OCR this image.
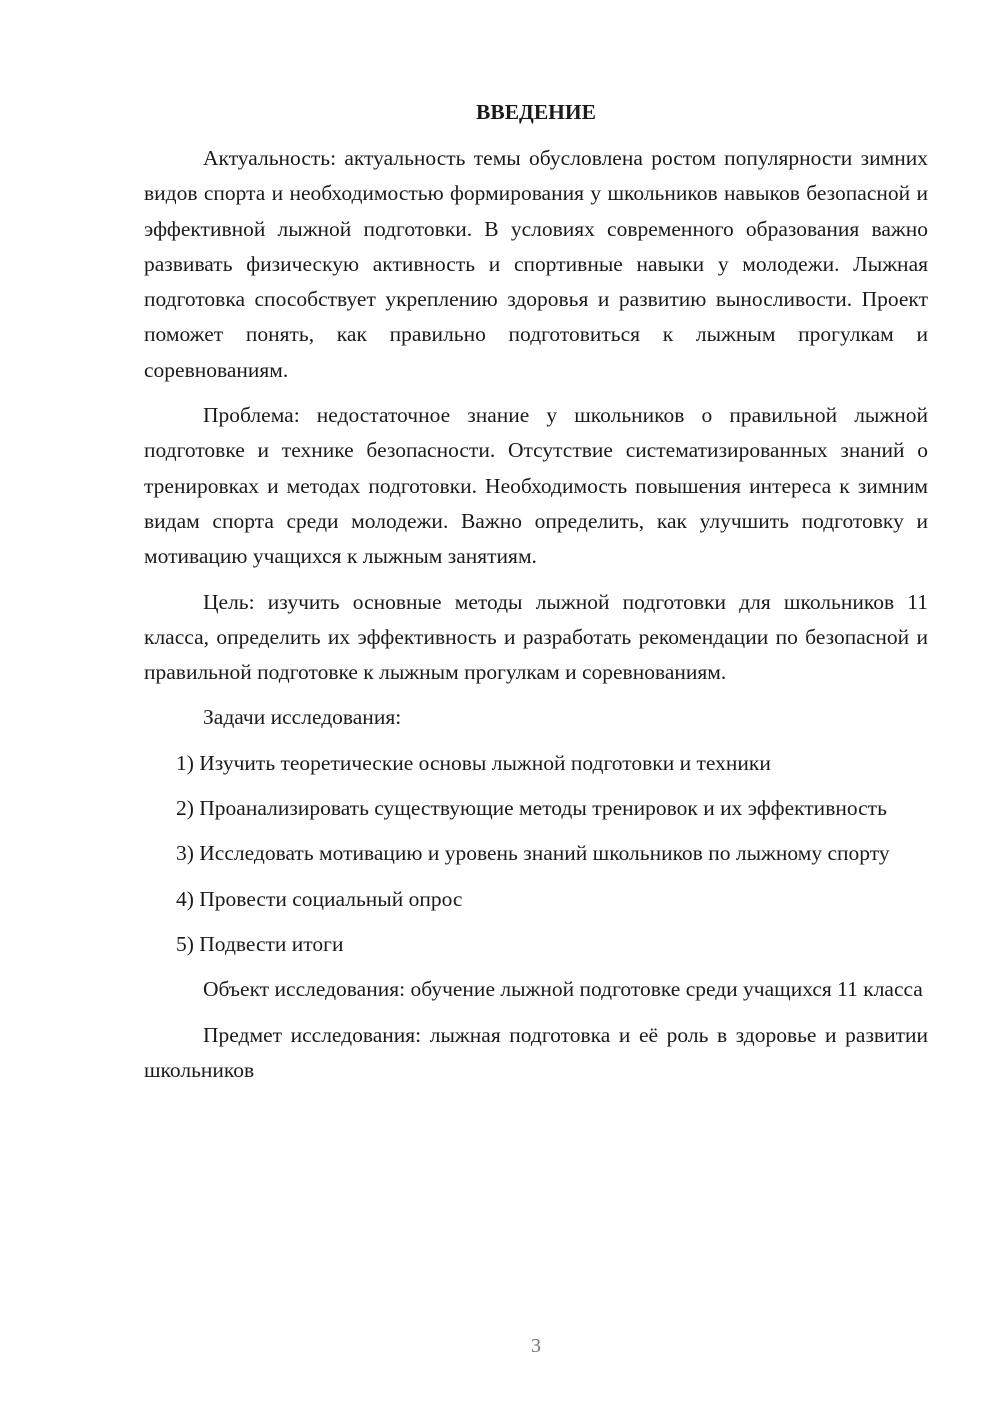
ВВЕДЕНИЕ

Актуальность: актуальность темы обусловлена ростом популярности зимних видов спорта и необходимостью формирования у школьников навыков безопасной и эффективной лыжной подготовки. В условиях современного образования важно развивать физическую активность и спортивные навыки у молодежи. Лыжная подготовка способствует укреплению здоровья и развитию выносливости. Проект поможет понять, как правильно подготовиться к лыжным прогулкам и соревнованиям.

Проблема: недостаточное знание у школьников о правильной лыжной подготовке и технике безопасности. Отсутствие систематизированных знаний о тренировках и методах подготовки. Необходимость повышения интереса к зимним видам спорта среди молодежи. Важно определить, как улучшить подготовку и мотивацию учащихся к лыжным занятиям.

Цель: изучить основные методы лыжной подготовки для школьников 11 класса, определить их эффективность и разработать рекомендации по безопасной и правильной подготовке к лыжным прогулкам и соревнованиям.

Задачи исследования:

1) Изучить теоретические основы лыжной подготовки и техники

2) Проанализировать существующие методы тренировок и их эффективность

3) Исследовать мотивацию и уровень знаний школьников по лыжному спорту

4) Провести социальный опрос

5) Подвести итоги

Объект исследования: обучение лыжной подготовке среди учащихся 11 класса

Предмет исследования: лыжная подготовка и её роль в здоровье и развитии школьников

3
